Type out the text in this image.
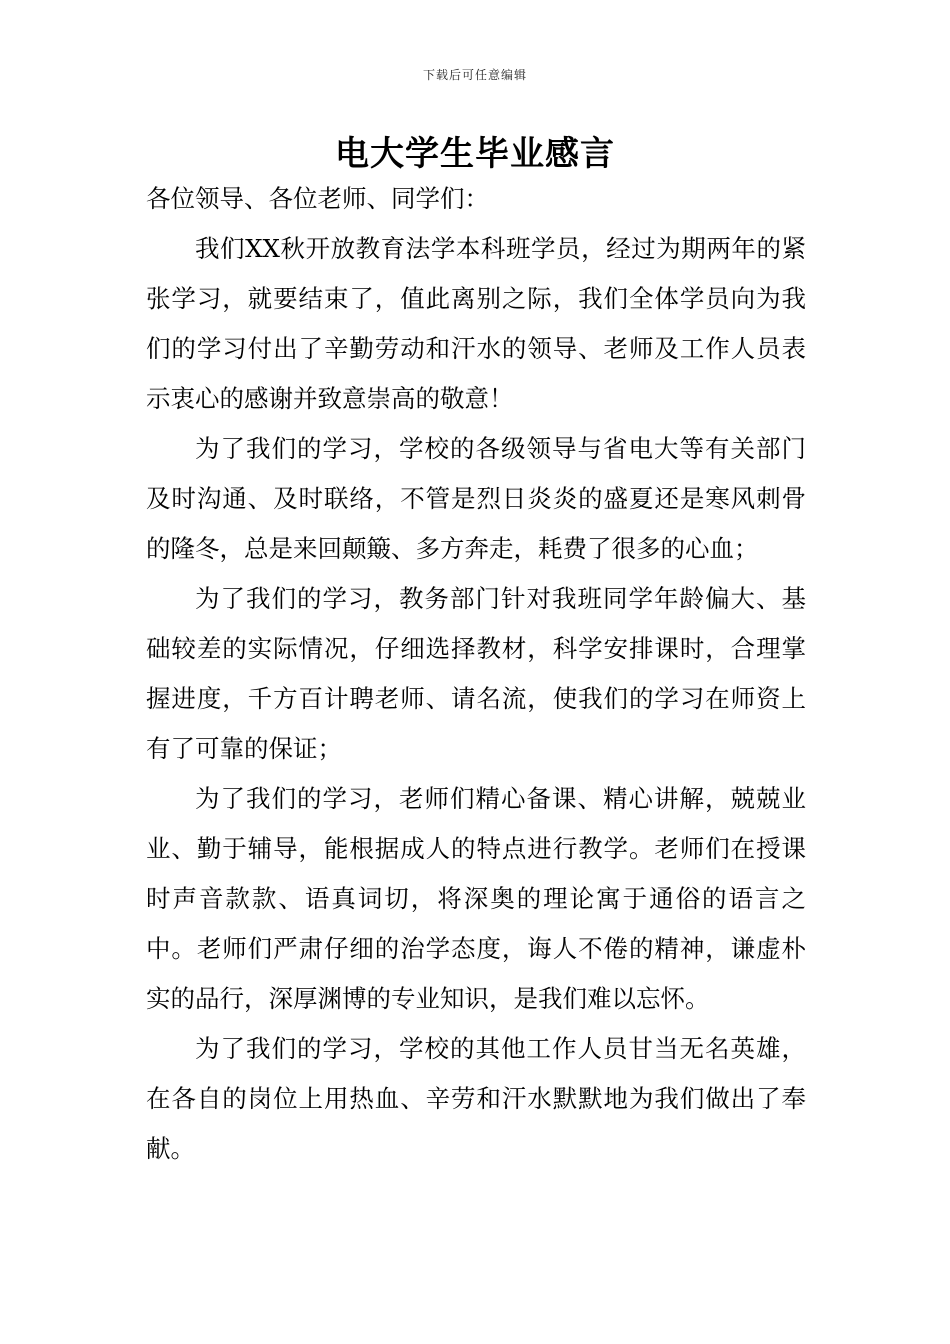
下载后可任意编辑
电大学生毕业感言

各位领导、各位老师、同学们：

我们XX秋开放教育法学本科班学员，经过为期两年的紧张学习，就要结束了，值此离别之际，我们全体学员向为我们的学习付出了辛勤劳动和汗水的领导、老师及工作人员表示衷心的感谢并致意崇高的敬意！

为了我们的学习，学校的各级领导与省电大等有关部门及时沟通、及时联络，不管是烈日炎炎的盛夏还是寒风刺骨的隆冬，总是来回颠簸、多方奔走，耗费了很多的心血；

为了我们的学习，教务部门针对我班同学年龄偏大、基础较差的实际情况，仔细选择教材，科学安排课时，合理掌握进度，千方百计聘老师、请名流，使我们的学习在师资上有了可靠的保证；

为了我们的学习，老师们精心备课、精心讲解，兢兢业业、勤于辅导，能根据成人的特点进行教学。老师们在授课时声音款款、语真词切，将深奥的理论寓于通俗的语言之中。老师们严肃仔细的治学态度，诲人不倦的精神，谦虚朴实的品行，深厚渊博的专业知识，是我们难以忘怀。

为了我们的学习，学校的其他工作人员甘当无名英雄，在各自的岗位上用热血、辛劳和汗水默默地为我们做出了奉献。
